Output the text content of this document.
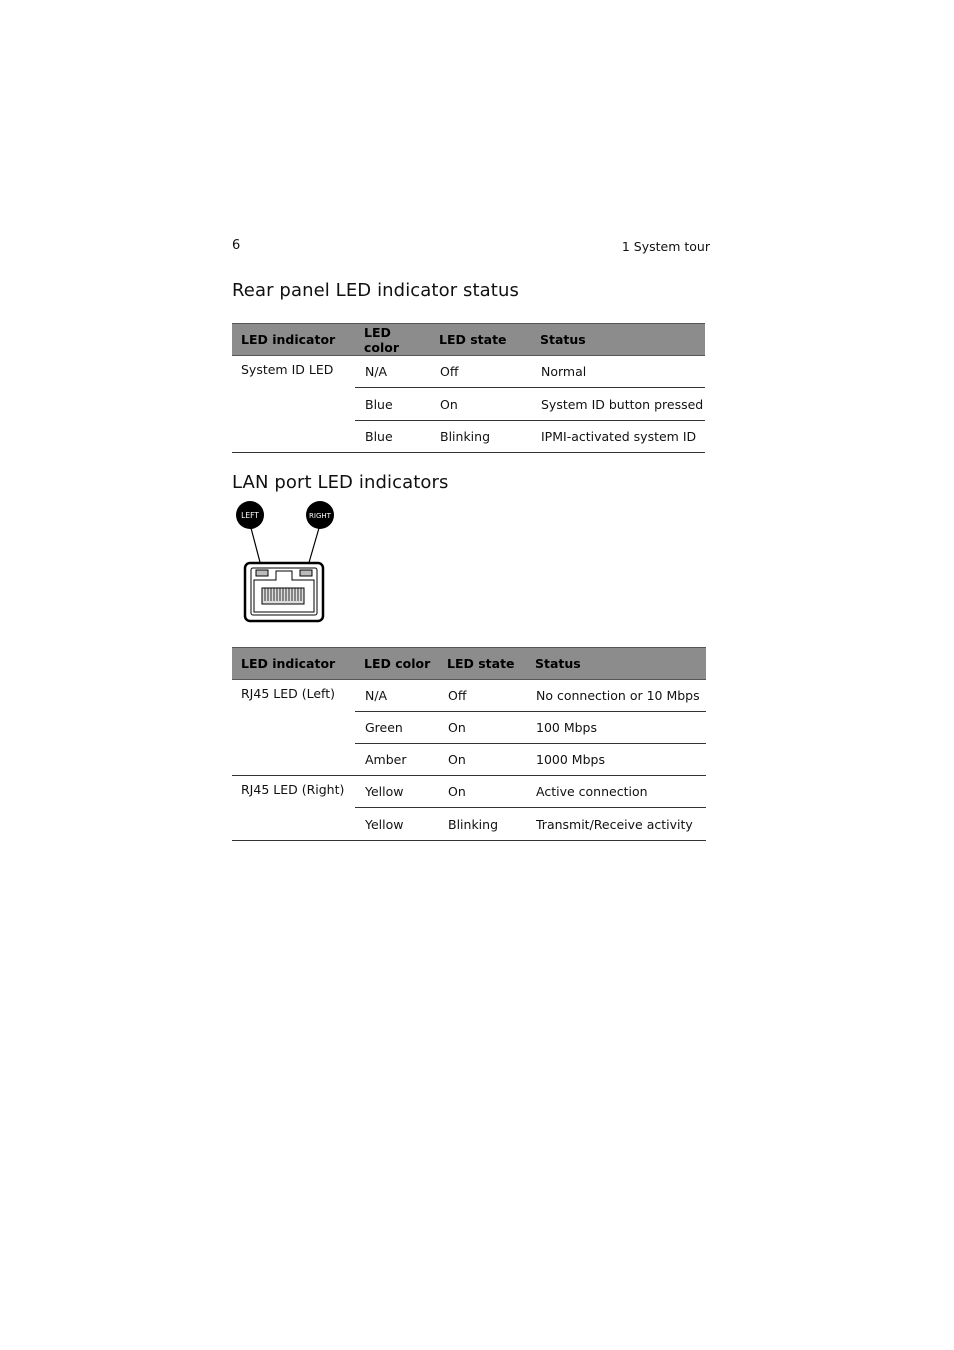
6	1 System tour
Rear panel LED indicator status
LED indicator	LED color	LED state	Status
System ID LED	N/A	Off	Normal
	Blue	On	System ID button pressed
	Blue	Blinking	IPMI-activated system ID
LAN port LED indicators
LEFT	RIGHT
LED indicator	LED color	LED state	Status
RJ45 LED (Left)	N/A	Off	No connection or 10 Mbps
	Green	On	100 Mbps
	Amber	On	1000 Mbps
RJ45 LED (Right)	Yellow	On	Active connection
	Yellow	Blinking	Transmit/Receive activity
